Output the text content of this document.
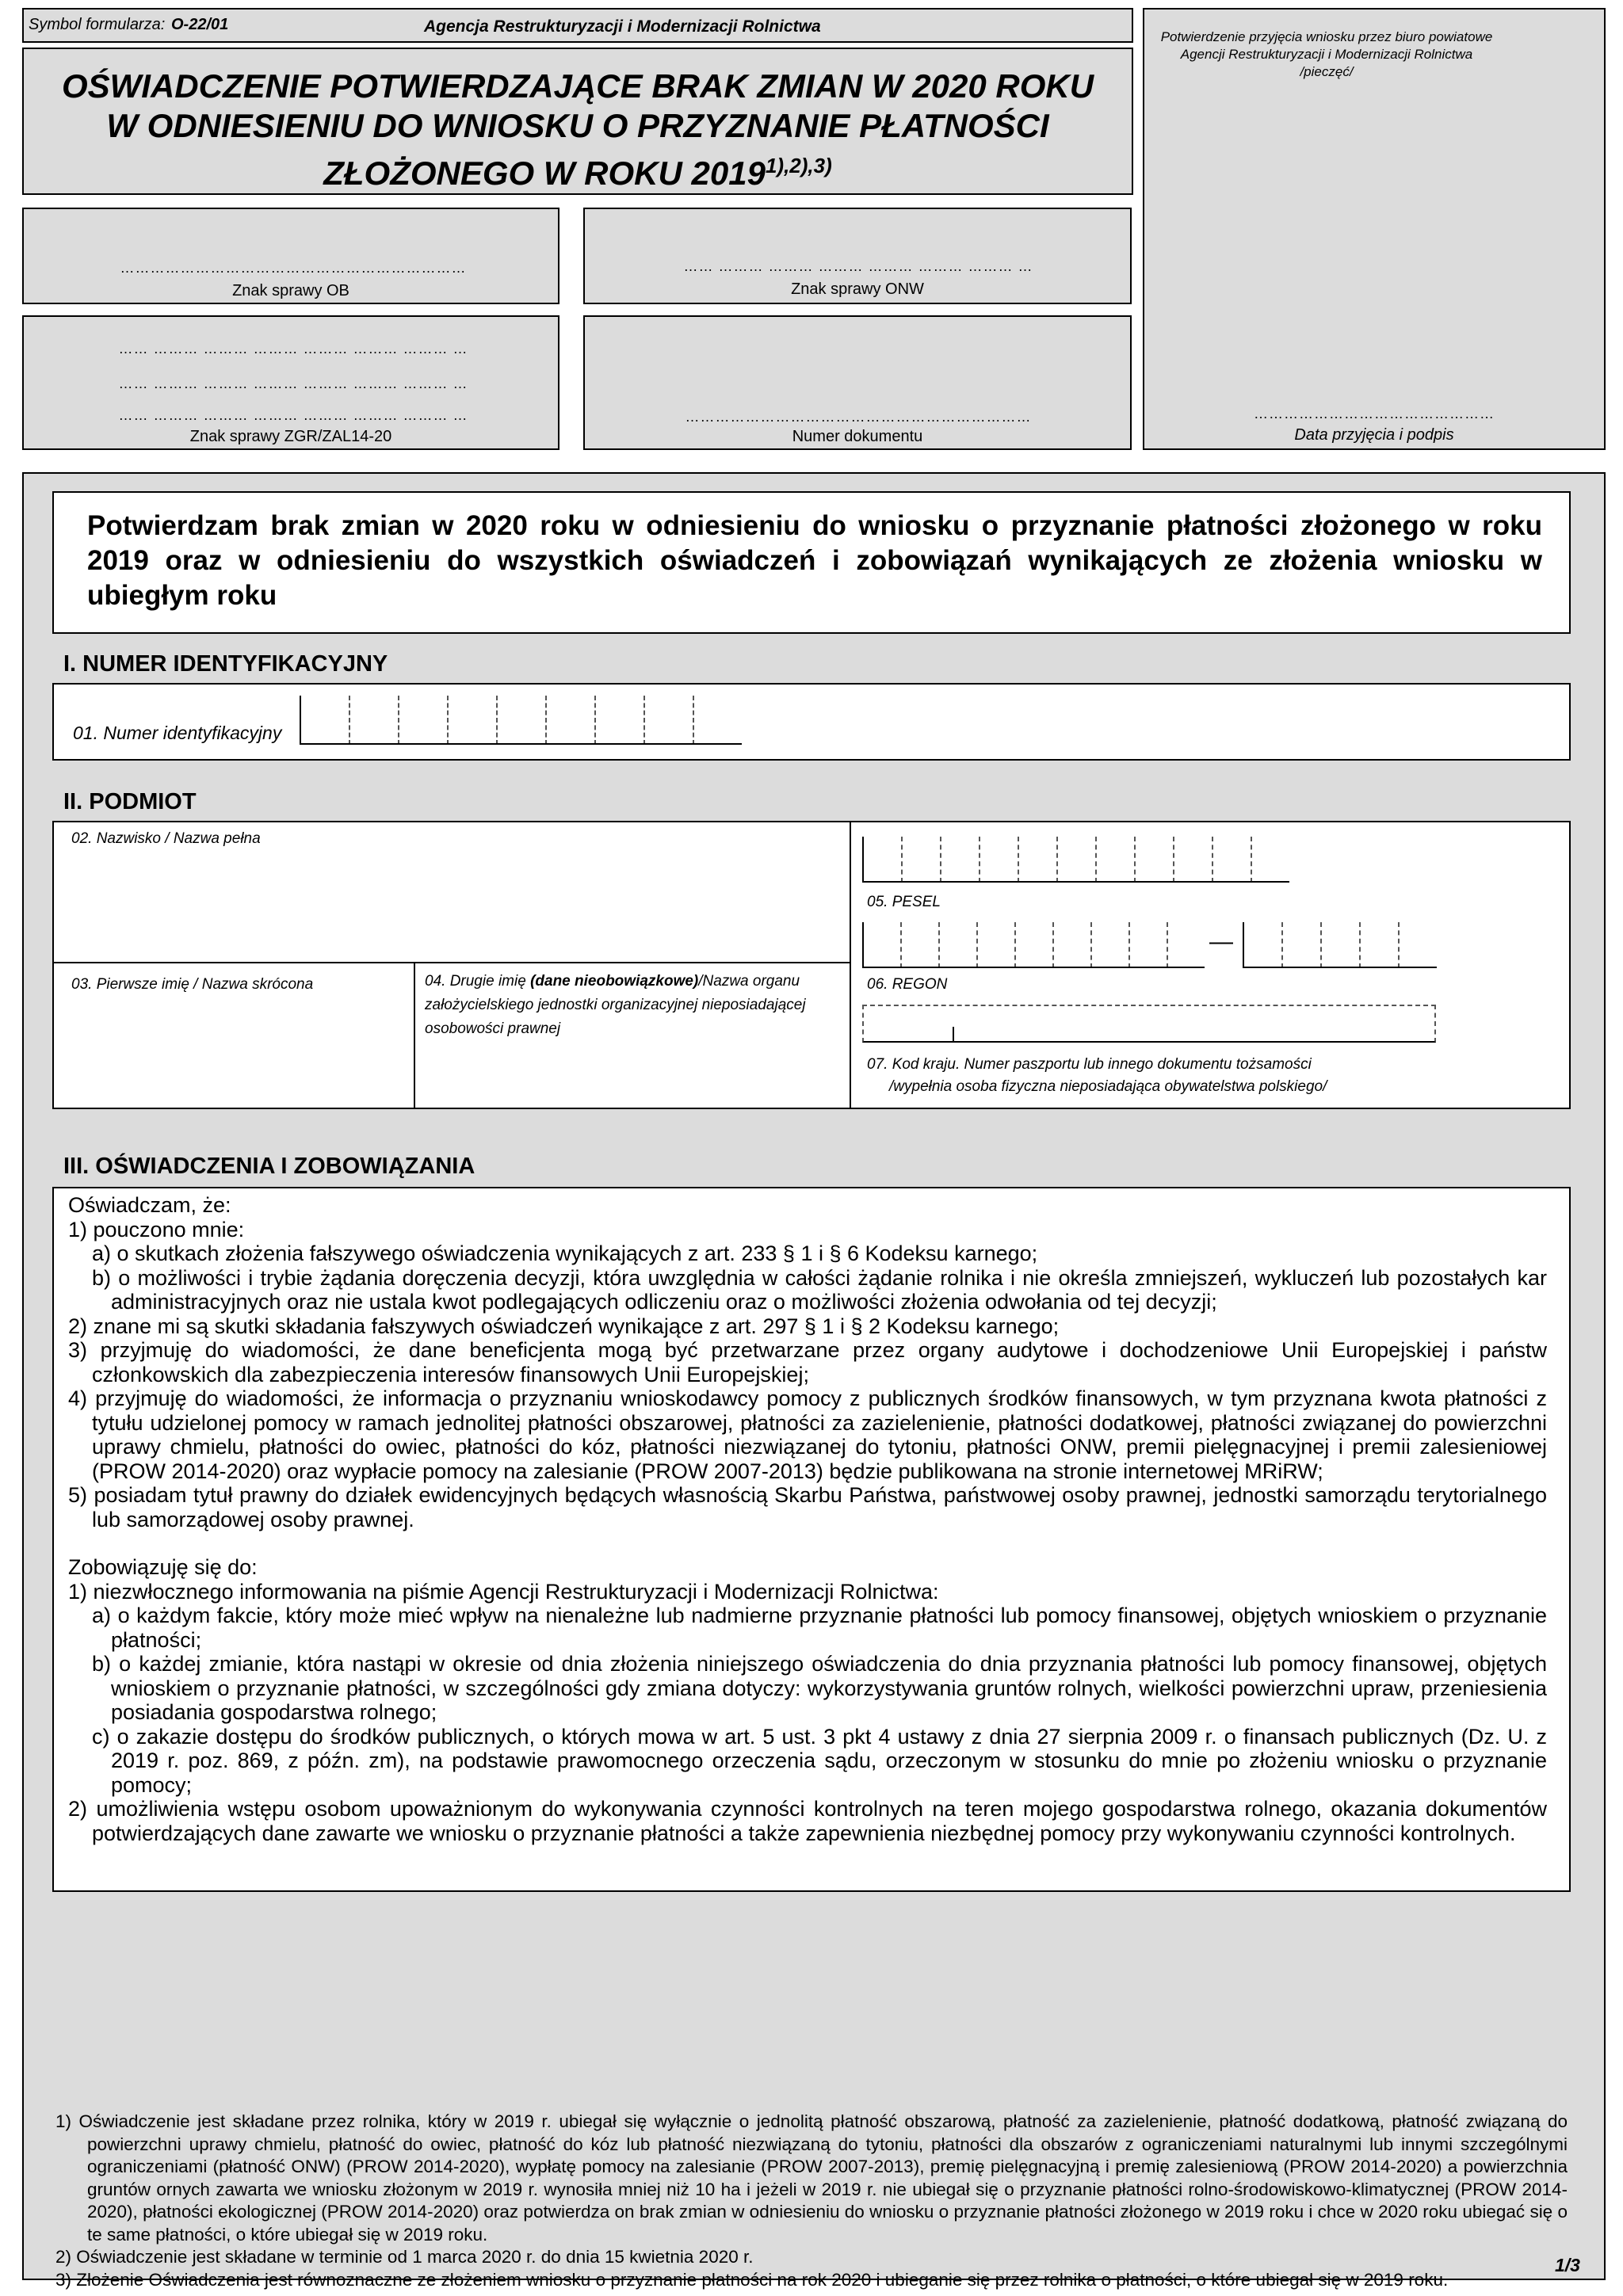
Symbol formularza: O-22/01	Agencja Restrukturyzacji i Modernizacji Rolnictwa
OŚWIADCZENIE POTWIERDZAJĄCE BRAK ZMIAN W 2020 ROKU
W ODNIESIENIU DO WNIOSKU O PRZYZNANIE PŁATNOŚCI
ZŁOŻONEGO W ROKU $2019^{1),2),3)}$
Potwierdzenie przyjęcia wniosku przez biuro powiatowe
Agencji Restrukturyzacji i Modernizacji Rolnictwa
/pieczęć/
…………………………………………
Data przyjęcia i podpis
……………………………………………………………
Znak sprawy OB
…… ……… ……… ……… ……… ……… ……… …
Znak sprawy ONW
…… ……… ……… ……… ……… ……… ……… …
…… ……… ……… ……… ……… ……… ……… …
…… ……… ……… ……… ……… ……… ……… …
Znak sprawy ZGR/ZAL14-20
……………………………………………………………
Numer dokumentu
Potwierdzam brak zmian w 2020 roku w odniesieniu do wniosku o przyznanie płatności złożonego w roku 2019 oraz w odniesieniu do wszystkich oświadczeń i zobowiązań wynikających ze złożenia wniosku w ubiegłym roku
I. NUMER IDENTYFIKACYJNY
01. Numer identyfikacyjny
II. PODMIOT
02. Nazwisko / Nazwa pełna
03. Pierwsze imię / Nazwa skrócona	04. Drugie imię (dane nieobowiązkowe)/Nazwa organu założycielskiego jednostki organizacyjnej nieposiadającej osobowości prawnej
05. PESEL
—
06. REGON
07. Kod kraju. Numer paszportu lub innego dokumentu tożsamości
/wypełnia osoba fizyczna nieposiadająca obywatelstwa polskiego/
III. OŚWIADCZENIA I ZOBOWIĄZANIA

Oświadczam, że:

1) pouczono mnie:

a) o skutkach złożenia fałszywego oświadczenia wynikających z art. 233 § 1 i § 6 Kodeksu karnego;

b) o możliwości i trybie żądania doręczenia decyzji, która uwzględnia w całości żądanie rolnika i nie określa zmniejszeń, wykluczeń lub pozostałych kar administracyjnych oraz nie ustala kwot podlegających odliczeniu oraz o możliwości złożenia odwołania od tej decyzji;

2) znane mi są skutki składania fałszywych oświadczeń wynikające z art. 297 § 1 i § 2 Kodeksu karnego;

3) przyjmuję do wiadomości, że dane beneficjenta mogą być przetwarzane przez organy audytowe i dochodzeniowe Unii Europejskiej i państw członkowskich dla zabezpieczenia interesów finansowych Unii Europejskiej;

4) przyjmuję do wiadomości, że informacja o przyznaniu wnioskodawcy pomocy z publicznych środków finansowych, w tym przyznana kwota płatności z tytułu udzielonej pomocy w ramach jednolitej płatności obszarowej, płatności za zazielenienie, płatności dodatkowej, płatności związanej do powierzchni uprawy chmielu, płatności do owiec, płatności do kóz, płatności niezwiązanej do tytoniu, płatności ONW, premii pielęgnacyjnej i premii zalesieniowej (PROW 2014-2020) oraz wypłacie pomocy na zalesianie (PROW 2007-2013) będzie publikowana na stronie internetowej MRiRW;

5) posiadam tytuł prawny do działek ewidencyjnych będących własnością Skarbu Państwa, państwowej osoby prawnej, jednostki samorządu terytorialnego lub samorządowej osoby prawnej.

Zobowiązuję się do:

1) niezwłocznego informowania na piśmie Agencji Restrukturyzacji i Modernizacji Rolnictwa:

a) o każdym fakcie, który może mieć wpływ na nienależne lub nadmierne przyznanie płatności lub pomocy finansowej, objętych wnioskiem o przyznanie płatności;

b) o każdej zmianie, która nastąpi w okresie od dnia złożenia niniejszego oświadczenia do dnia przyznania płatności lub pomocy finansowej, objętych wnioskiem o przyznanie płatności, w szczególności gdy zmiana dotyczy: wykorzystywania gruntów rolnych, wielkości powierzchni upraw, przeniesienia posiadania gospodarstwa rolnego;

c) o zakazie dostępu do środków publicznych, o których mowa w art. 5 ust. 3 pkt 4 ustawy z dnia 27 sierpnia 2009 r. o finansach publicznych (Dz. U. z 2019 r. poz. 869, z późn. zm), na podstawie prawomocnego orzeczenia sądu, orzeczonym w stosunku do mnie po złożeniu wniosku o przyznanie pomocy;

2) umożliwienia wstępu osobom upoważnionym do wykonywania czynności kontrolnych na teren mojego gospodarstwa rolnego, okazania dokumentów potwierdzających dane zawarte we wniosku o przyznanie płatności a także zapewnienia niezbędnej pomocy przy wykonywaniu czynności kontrolnych.

1) Oświadczenie jest składane przez rolnika, który w 2019 r. ubiegał się wyłącznie o jednolitą płatność obszarową, płatność za zazielenienie, płatność dodatkową, płatność związaną do powierzchni uprawy chmielu, płatność do owiec, płatność do kóz lub płatność niezwiązaną do tytoniu, płatności dla obszarów z ograniczeniami naturalnymi lub innymi szczególnymi ograniczeniami (płatność ONW) (PROW 2014-2020), wypłatę pomocy na zalesianie (PROW 2007-2013), premię pielęgnacyjną i premię zalesieniową (PROW 2014-2020) a powierzchnia gruntów ornych zawarta we wniosku złożonym w 2019 r. wynosiła mniej niż 10 ha i jeżeli w 2019 r. nie ubiegał się o przyznanie płatności rolno-środowiskowo-klimatycznej (PROW 2014-2020), płatności ekologicznej (PROW 2014-2020) oraz potwierdza on brak zmian w odniesieniu do wniosku o przyznanie płatności złożonego w 2019 roku i chce w 2020 roku ubiegać się o te same płatności, o które ubiegał się w 2019 roku.

2) Oświadczenie jest składane w terminie od 1 marca 2020 r. do dnia 15 kwietnia 2020 r.

3) Złożenie Oświadczenia jest równoznaczne ze złożeniem wniosku o przyznanie płatności na rok 2020 i ubieganie się przez rolnika o płatności, o które ubiegał się w 2019 roku.

1/3
